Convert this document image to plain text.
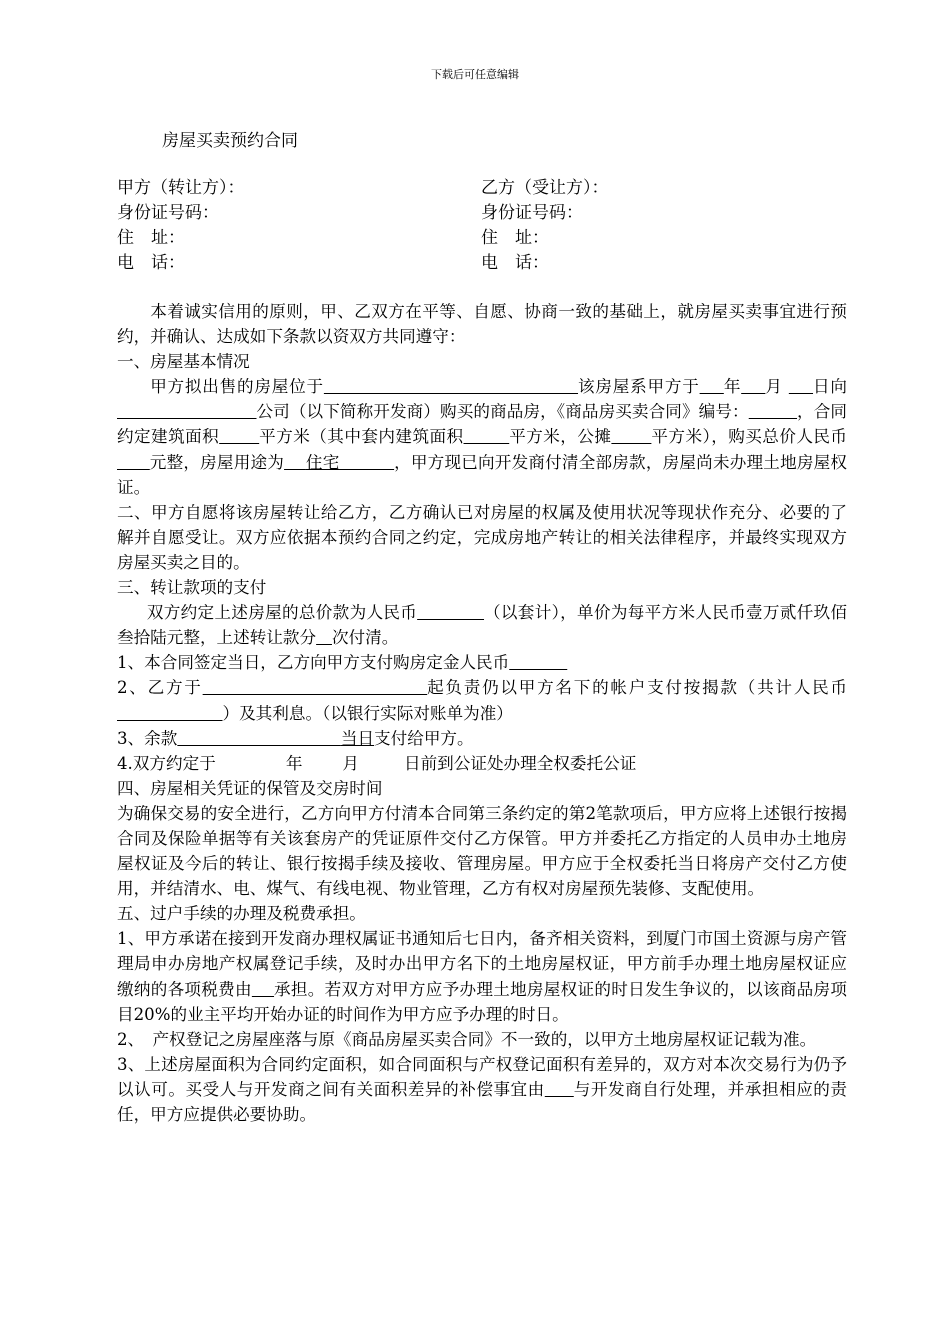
下载后可任意编辑
房屋买卖预约合同
甲方（转让方）：
身份证号码：
住　址：
电　话：
乙方（受让方）：
身份证号码：
住　址：
电　话：

本着诚实信用的原则，甲、乙双方在平等、自愿、协商一致的基础上，就房屋买卖事宜进行预约，并确认、达成如下条款以资双方共同遵守：

一、房屋基本情况

甲方拟出售的房屋位于	该房屋系甲方于 年 月 日向                          公司（以下简称开发商）购买的商品房，《商品房买卖合同》编号：	，合同约定建筑面积 平方米（其中套内建筑面积	平方米，公摊 平方米），购买总价人民币      元整，房屋用途为 住宅	，甲方现已向开发商付清全部房款，房屋尚未办理土地房屋权证。

二、甲方自愿将该房屋转让给乙方，乙方确认已对房屋的权属及使用状况等现状作充分、必要的了解并自愿受让。双方应依据本预约合同之约定，完成房地产转让的相关法律程序，并最终实现双方房屋买卖之目的。

三、转让款项的支付

双方约定上述房屋的总价款为人民币	（以套计），单价为每平方米人民币壹万贰仟玖佰叁拾陆元整，上述转让款分 次付清。

1、本合同签定当日，乙方向甲方支付购房定金人民币

2、乙方于	起负责仍以甲方名下的帐户支付按揭款（共计人民币                    ）及其利息。（以银行实际对账单为准）

3、余款	当日支付给甲方。

4.双方约定于	年 月	日前到公证处办理全权委托公证

四、房屋相关凭证的保管及交房时间

为确保交易的安全进行，乙方向甲方付清本合同第三条约定的第2笔款项后，甲方应将上述银行按揭合同及保险单据等有关该套房产的凭证原件交付乙方保管。甲方并委托乙方指定的人员申办土地房屋权证及今后的转让、银行按揭手续及接收、管理房屋。甲方应于全权委托当日将房产交付乙方使用，并结清水、电、煤气、有线电视、物业管理，乙方有权对房屋预先装修、支配使用。

五、过户手续的办理及税费承担。

1、甲方承诺在接到开发商办理权属证书通知后七日内，备齐相关资料，到厦门市国土资源与房产管理局申办房地产权属登记手续，及时办出甲方名下的土地房屋权证，甲方前手办理土地房屋权证应缴纳的各项税费由 承担。若双方对甲方应予办理土地房屋权证的时日发生争议的，以该商品房项目20%的业主平均开始办证的时间作为甲方应予办理的时日。

2、　产权登记之房屋座落与原《商品房屋买卖合同》不一致的，以甲方土地房屋权证记载为准。

3、上述房屋面积为合同约定面积，如合同面积与产权登记面积有差异的，双方对本次交易行为仍予以认可。买受人与开发商之间有关面积差异的补偿事宜由 与开发商自行处理，并承担相应的责任，甲方应提供必要协助。
